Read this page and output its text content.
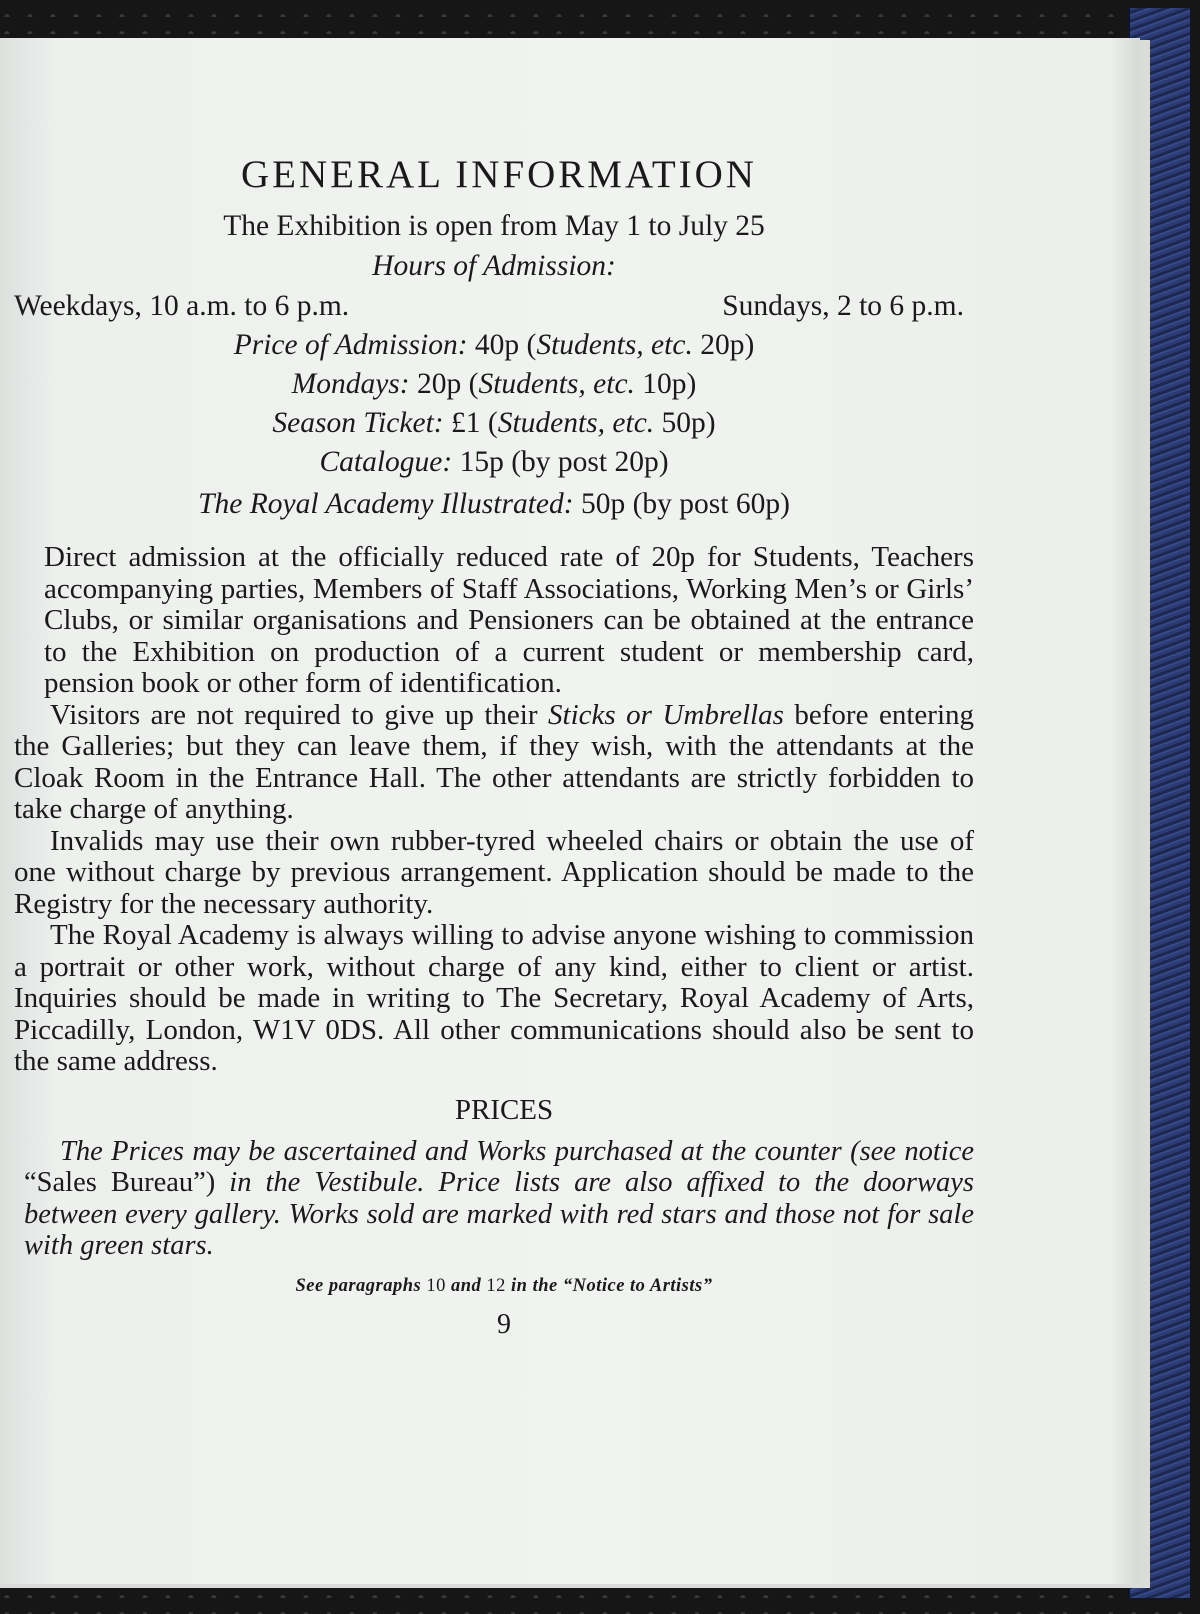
GENERAL INFORMATION

The Exhibition is open from May 1 to July 25

Hours of Admission:

Weekdays, 10 a.m. to 6 p.m.	Sundays, 2 to 6 p.m.

Price of Admission: 40p (Students, etc. 20p)

Mondays: 20p (Students, etc. 10p)

Season Ticket: £1 (Students, etc. 50p)

Catalogue: 15p (by post 20p)

The Royal Academy Illustrated: 50p (by post 60p)

Direct admission at the officially reduced rate of 20p for Students, Teachers accompanying parties, Members of Staff Associations, Working Men’s or Girls’ Clubs, or similar organisations and Pensioners can be obtained at the entrance to the Exhibition on production of a current student or membership card, pension book or other form of identification.

Visitors are not required to give up their Sticks or Umbrellas before entering the Galleries; but they can leave them, if they wish, with the attendants at the Cloak Room in the Entrance Hall. The other attendants are strictly forbidden to take charge of anything.

Invalids may use their own rubber-tyred wheeled chairs or obtain the use of one without charge by previous arrangement. Application should be made to the Registry for the necessary authority.

The Royal Academy is always willing to advise anyone wishing to commission a portrait or other work, without charge of any kind, either to client or artist. Inquiries should be made in writing to The Secretary, Royal Academy of Arts, Piccadilly, London, W1V 0DS. All other communications should also be sent to the same address.

PRICES

The Prices may be ascertained and Works purchased at the counter (see notice “Sales Bureau”) in the Vestibule. Price lists are also affixed to the doorways between every gallery. Works sold are marked with red stars and those not for sale with green stars.

See paragraphs 10 and 12 in the “Notice to Artists”

9
